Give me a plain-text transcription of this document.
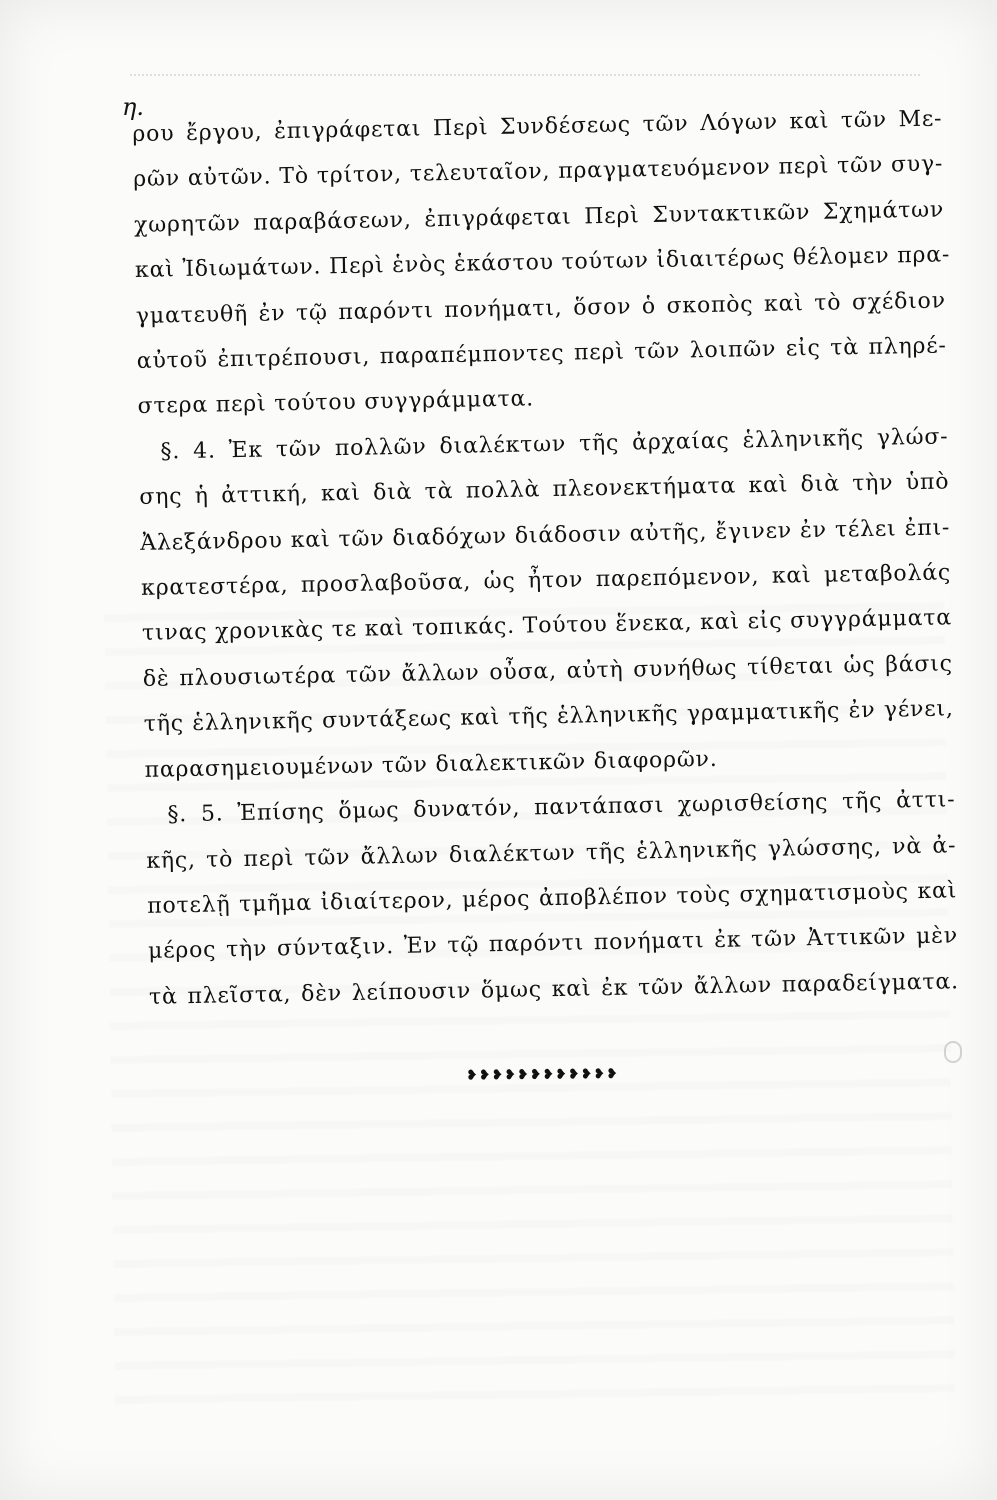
η.
ρου ἔργου, ἐπιγράφεται Περὶ Συνδέσεως τῶν Λόγων καὶ τῶν Με-
ρῶν αὐτῶν. Τὸ τρίτον, τελευταῖον, πραγματευόμενον περὶ τῶν συγ-
χωρητῶν παραβάσεων, ἐπιγράφεται Περὶ Συντακτικῶν Σχημάτων
καὶ Ἰδιωμάτων. Περὶ ἑνὸς ἑκάστου τούτων ἰδιαιτέρως θέλομεν πρα-
γματευθῆ ἐν τῷ παρόντι πονήματι, ὅσον ὁ σκοπὸς καὶ τὸ σχέδιον
αὐτοῦ ἐπιτρέπουσι, παραπέμποντες περὶ τῶν λοιπῶν εἰς τὰ πληρέ-
στερα περὶ τούτου συγγράμματα.
§. 4. Ἐκ τῶν πολλῶν διαλέκτων τῆς ἀρχαίας ἑλληνικῆς γλώσ-
σης ἡ ἀττική, καὶ διὰ τὰ πολλὰ πλεονεκτήματα καὶ διὰ τὴν ὑπὸ
Ἀλεξάνδρου καὶ τῶν διαδόχων διάδοσιν αὐτῆς, ἔγινεν ἐν τέλει ἐπι-
κρατεστέρα, προσλαβοῦσα, ὡς ἦτον παρεπόμενον, καὶ μεταβολάς
τινας χρονικὰς τε καὶ τοπικάς. Τούτου ἕνεκα, καὶ εἰς συγγράμματα
δὲ πλουσιωτέρα τῶν ἄλλων οὖσα, αὐτὴ συνήθως τίθεται ὡς βάσις
τῆς ἑλληνικῆς συντάξεως καὶ τῆς ἑλληνικῆς γραμματικῆς ἐν γένει,
παρασημειουμένων τῶν διαλεκτικῶν διαφορῶν.
§. 5. Ἐπίσης ὅμως δυνατόν, παντάπασι χωρισθείσης τῆς ἀττι-
κῆς, τὸ περὶ τῶν ἄλλων διαλέκτων τῆς ἑλληνικῆς γλώσσης, νὰ ἀ-
ποτελῇ τμῆμα ἰδιαίτερον, μέρος ἀποβλέπον τοὺς σχηματισμοὺς καὶ
μέρος τὴν σύνταξιν. Ἐν τῷ παρόντι πονήματι ἐκ τῶν Ἀττικῶν μὲν
τὰ πλεῖστα, δὲν λείπουσιν ὅμως καὶ ἐκ τῶν ἄλλων παραδείγματα.
❥❥❥❥❥❥❥❥❥❥❥❥
